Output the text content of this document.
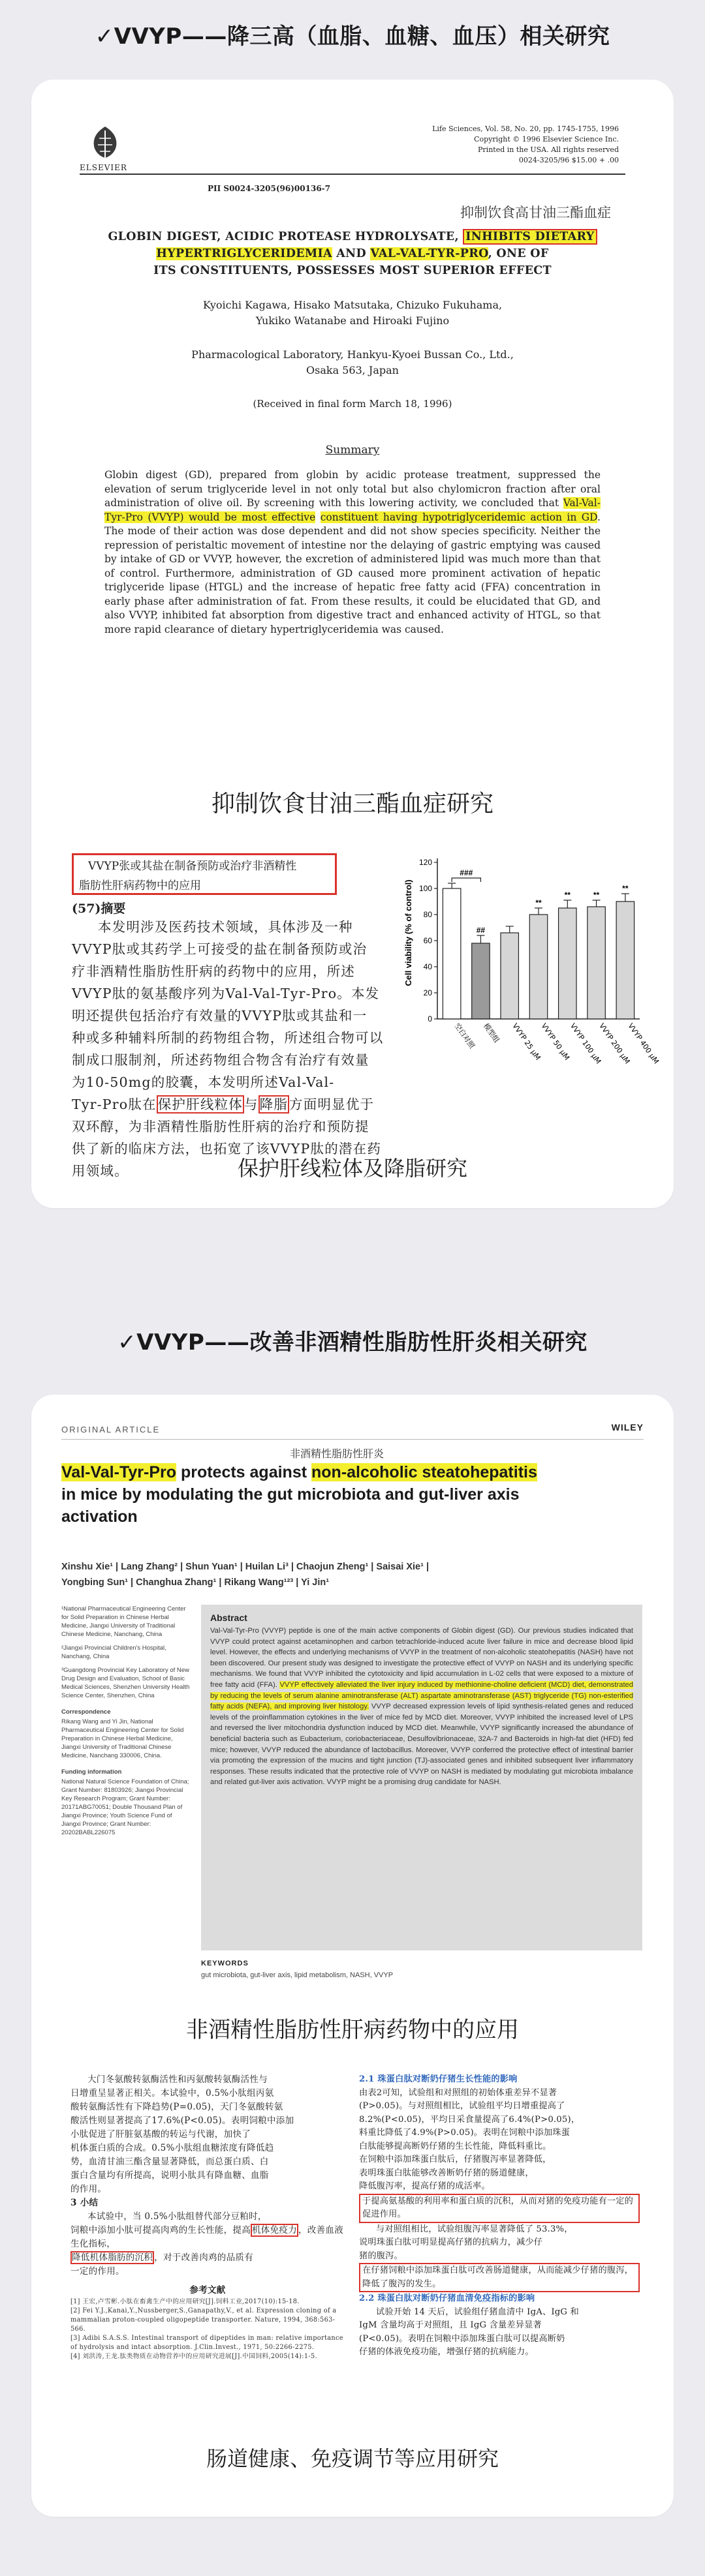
✓VVYP——降三高（血脂、血糖、血压）相关研究
ELSEVIER
Life Sciences, Vol. 58, No. 20, pp. 1745-1755, 1996
Copyright © 1996 Elsevier Science Inc.
Printed in the USA. All rights reserved
0024-3205/96 $15.00 + .00
PII S0024-3205(96)00136-7
抑制饮食高甘油三酯血症
GLOBIN DIGEST, ACIDIC PROTEASE HYDROLYSATE, INHIBITS DIETARY
HYPERTRIGLYCERIDEMIA AND VAL-VAL-TYR-PRO, ONE OF
ITS CONSTITUENTS, POSSESSES MOST SUPERIOR EFFECT
Kyoichi Kagawa, Hisako Matsutaka, Chizuko Fukuhama,
Yukiko Watanabe and Hiroaki Fujino
Pharmacological Laboratory, Hankyu-Kyoei Bussan Co., Ltd.,
Osaka 563, Japan
(Received in final form March 18, 1996)
Summary
Globin digest (GD), prepared from globin by acidic protease treatment, suppressed the elevation of serum triglyceride level in not only total but also chylomicron fraction after oral administration of olive oil. By screening with this lowering activity, we concluded that Val-Val-Tyr-Pro (VVYP) would be most effective constituent having hypotriglyceridemic action in GD. The mode of their action was dose dependent and did not show species specificity. Neither the repression of peristaltic movement of intestine nor the delaying of gastric emptying was caused by intake of GD or VVYP, however, the excretion of administered lipid was much more than that of control. Furthermore, administration of GD caused more prominent activation of hepatic triglyceride lipase (HTGL) and the increase of hepatic free fatty acid (FFA) concentration in early phase after administration of fat. From these results, it could be elucidated that GD, and also VVYP, inhibited fat absorption from digestive tract and enhanced activity of HTGL, so that more rapid clearance of dietary hypertriglyceridemia was caused.
抑制饮食甘油三酯血症研究
VVYP张或其盐在制备预防或治疗非酒精性
脂肪性肝病药物中的应用
(57)摘要
本发明涉及医药技术领域，具体涉及一种
VVYP肽或其药学上可接受的盐在制备预防或治
疗非酒精性脂肪性肝病的药物中的应用，所述
VVYP肽的氨基酸序列为Val-Val-Tyr-Pro。本发
明还提供包括治疗有效量的VVYP肽或其盐和一
种或多种辅料所制的药物组合物，所述组合物可以
制成口服制剂，所述药物组合物含有治疗有效量
为10-50mg的胶囊，本发明所述Val-Val-
Tyr-Pro肽在保护肝线粒体与降脂方面明显优于
双环醇，为非酒精性脂肪性肝病的治疗和预防提
供了新的临床方法，也拓宽了该VVYP肽的潜在药
用领域。
Cell viability (% of control)
0
20
40
60
80
100
120
空白对照
##
模型组 VVYP 25 μM
**
VVYP 50 μM
**
VVYP 100 μM
**
VVYP 200 μM
**
VVYP 400 μM
###
保护肝线粒体及降脂研究
✓VVYP——改善非酒精性脂肪性肝炎相关研究
ORIGINAL ARTICLE
非酒精性脂肪性肝炎
WILEY
Val-Val-Tyr-Pro protects against non-alcoholic steatohepatitis
in mice by modulating the gut microbiota and gut-liver axis
activation
Xinshu Xie¹ | Lang Zhang² | Shun Yuan¹ | Huilan Li³ | Chaojun Zheng¹ | Saisai Xie¹ |
Yongbing Sun¹ | Changhua Zhang¹ | Rikang Wang¹²³ | Yi Jin¹
¹National Pharmaceutical Engineering Center for Solid Preparation in Chinese Herbal Medicine, Jiangxi University of Traditional Chinese Medicine, Nanchang, China
²Jiangxi Provincial Children's Hospital, Nanchang, China
³Guangdong Provincial Key Laboratory of New Drug Design and Evaluation, School of Basic Medical Sciences, Shenzhen University Health Science Center, Shenzhen, China
Correspondence
Rikang Wang and Yi Jin, National Pharmaceutical Engineering Center for Solid Preparation in Chinese Herbal Medicine, Jiangxi University of Traditional Chinese Medicine, Nanchang 330006, China.
Funding information
National Natural Science Foundation of China; Grant Number: 81803926; Jiangxi Provincial Key Research Program; Grant Number: 20171ABG70051; Double Thousand Plan of Jiangxi Province; Youth Science Fund of Jiangxi Province; Grant Number: 20202BABL226075
Abstract
Val-Val-Tyr-Pro (VVYP) peptide is one of the main active components of Globin digest (GD). Our previous studies indicated that VVYP could protect against acetaminophen and carbon tetrachloride-induced acute liver failure in mice and decrease blood lipid level. However, the effects and underlying mechanisms of VVYP in the treatment of non-alcoholic steatohepatitis (NASH) have not been discovered. Our present study was designed to investigate the protective effect of VVYP on NASH and its underlying specific mechanisms. We found that VVYP inhibited the cytotoxicity and lipid accumulation in L-02 cells that were exposed to a mixture of free fatty acid (FFA). VVYP effectively alleviated the liver injury induced by methionine-choline deficient (MCD) diet, demonstrated by reducing the levels of serum alanine aminotransferase (ALT) aspartate aminotransferase (AST) triglyceride (TG) non-esterified fatty acids (NEFA), and improving liver histology. VVYP decreased expression levels of lipid synthesis-related genes and reduced levels of the proinflammation cytokines in the liver of mice fed by MCD diet. Moreover, VVYP inhibited the increased level of LPS and reversed the liver mitochondria dysfunction induced by MCD diet. Meanwhile, VVYP significantly increased the abundance of beneficial bacteria such as Eubacterium, coriobacteriaceae, Desulfovibrionaceae, 32A-7 and Bacteroids in high-fat diet (HFD) fed mice; however, VVYP reduced the abundance of lactobacillus. Moreover, VVYP conferred the protective effect of intestinal barrier via promoting the expression of the mucins and tight junction (TJ)-associated genes and inhibited subsequent liver inflammatory responses. These results indicated that the protective role of VVYP on NASH is mediated by modulating gut microbiota imbalance and related gut-liver axis activation. VVYP might be a promising drug candidate for NASH.
KEYWORDS
gut microbiota, gut-liver axis, lipid metabolism, NASH, VVYP
非酒精性脂肪性肝病药物中的应用
大门冬氨酸转氨酶活性和丙氨酸转氨酶活性与
日增重呈显著正相关。本试验中，0.5%小肽组丙氨
酸转氨酶活性有下降趋势(P=0.05)，天门冬氨酸转氨
酸活性则显著提高了17.6%(P<0.05)。表明饲粮中添加
小肽促进了肝脏氨基酸的转运与代谢，加快了
机体蛋白质的合成。0.5%小肽组血糖浓度有降低趋
势，血清甘油三酯含量显著降低，而总蛋白质、白
蛋白含量均有所提高，说明小肽具有降血糖、血脂
的作用。
3 小结
本试验中，当 0.5%小肽组替代部分豆粕时，
饲粮中添加小肽可提高肉鸡的生长性能，提高 机体免疫力 ，改善血液生化指标，
降低机体脂肪的沉积 ，对于改善肉鸡的品质有
一定的作用。
参考文献
[1] 王宏,卢雪彬.小肽在畜禽生产中的应用研究[J].饲料工业,2017(10):15-18.
[2] Fei Y.J.,Kanai,Y.,Nussberger,S.,Ganapathy,V., et al. Expression cloning of a mammalian proton-coupled oligopeptide transporter. Nature, 1994, 368:563-566.
[3] Adibi S.A.S.S. Intestinal transport of dipeptides in man: relative importance of hydrolysis and intact absorption. J.Clin.Invest., 1971, 50:2266-2275.
[4] 刘洪涛,王龙.肽类物质在动物营养中的应用研究进展[J].中国饲料,2005(14):1-5.
2.1 珠蛋白肽对断奶仔猪生长性能的影响
由表2可知，试验组和对照组的初始体重差异不显著
(P>0.05)。与对照组相比，试验组平均日增重提高了
8.2%(P<0.05)，平均日采食量提高了6.4%(P>0.05)，
料重比降低了4.9%(P>0.05)。表明在饲粮中添加珠蛋
白肽能够提高断奶仔猪的生长性能，降低料重比。
在饲粮中添加珠蛋白肽后，仔猪腹泻率显著降低，
表明珠蛋白肽能够改善断奶仔猪的肠道健康，
降低腹泻率，提高仔猪的成活率。
于提高氨基酸的利用率和蛋白质的沉积，从而对猪的免疫功能有一定的促进作用。
与对照组相比，试验组腹泻率显著降低了 53.3%，
说明珠蛋白肽可明显提高仔猪的抗病力，减少仔
猪的腹泻。
在仔猪饲粮中添加珠蛋白肽可改善肠道健康，从而能减少仔猪的腹泻，降低了腹泻的发生。
2.2 珠蛋白肽对断奶仔猪血清免疫指标的影响
试验开始 14 天后，试验组仔猪血清中 IgA、IgG 和
IgM 含量均高于对照组，且 IgG 含量差异显著
(P<0.05)。表明在饲粮中添加珠蛋白肽可以提高断奶
仔猪的体液免疫功能，增强仔猪的抗病能力。
肠道健康、免疫调节等应用研究
